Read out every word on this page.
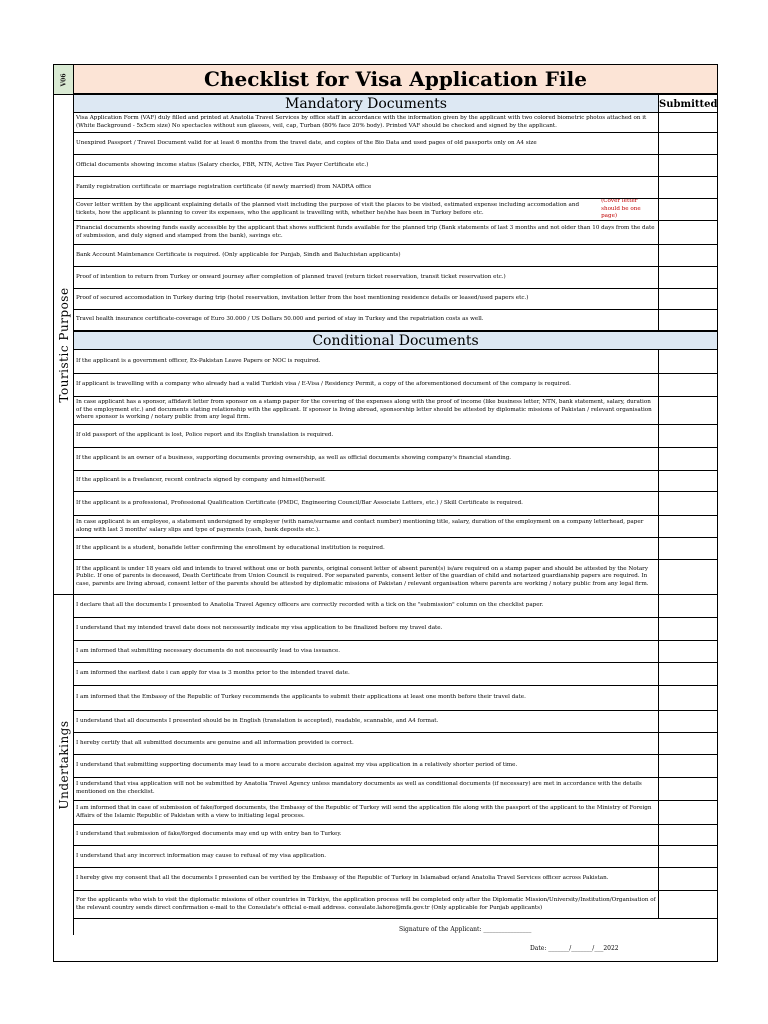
V06	Checklist for Visa Application File
Mandatory Documents	Submitted
Touristic Purpose
Undertakings
Visa Application Form (VAF) duly filled and printed at Anatolia Travel Services by office staff in accordance with the information given by the applicant with two colored biometric photos attached on it (White Background - 5x5cm size) No spectacles without sun glasses, veil, cap, Turban (80% face 20% body). Printed VAF should be checked and signed by the applicant.
Unexpired Passport / Travel Document valid for at least 6 months from the travel date, and copies of the Bio Data and used pages of old passports only on A4 size
Official documents showing income status (Salary checks, FBR, NTN, Active Tax Payer Certificate etc.)
Family registration certificate or marriage registration certificate (if newly married) from NADRA office
Cover letter written by the applicant explaining details of the planned visit including the purpose of visit the places to be visited, estimated expense including accomodation and tickets, how the applicant is planning to cover its expenses, who the applicant is travelling with, whether he/she has been in Turkey before etc.
(Cover letter should be one page)
Financial documents showing funds easily accessible by the applicant that shows sufficient funds available for the planned trip (Bank statements of last 3 months and not older than 10 days from the date of submission, and duly signed and stamped from the bank), savings etc.
Bank Account Maintenance Certificate is required. (Only applicable for Punjab, Sindh and Baluchistan applicants)
Proof of intention to return from Turkey or onward journey after completion of planned travel (return ticket reservation, transit ticket reservation etc.)
Proof of secured accomodation in Turkey during trip (hotel reservation, invitation letter from the host mentioning residence details or leased/used papers etc.)
Travel health insurance certificate-coverage of Euro 30.000 / US Dollars 50.000 and period of stay in Turkey and the repatriation costs as well.
Conditional Documents
If the applicant is a government officer, Ex-Pakistan Leave Papers or NOC is required.
If applicant is travelling with a company who already had a valid Turkish visa / E-Visa / Residency Permit, a copy of the aforementioned document of the company is required.
In case applicant has a sponsor, affidavit letter from sponsor on a stamp paper for the covering of the expenses along with the proof of income (like business letter, NTN, bank statement, salary, duration of the employment etc.) and documents stating relationship with the applicant. If sponsor is living abroad, sponsorship letter should be attested by diplomatic missions of Pakistan / relevant organisation where sponsor is working / notary public from any legal firm.
If old passport of the applicant is lost, Police report and its English translation is required.
If the applicant is an owner of a business, supporting documents proving ownership, as well as official documents showing company's financial standing.
If the applicant is a freelancer, recent contracts signed by company and himself/herself.
If the applicant is a professional, Professional Qualification Certificate (PMDC, Engineering Council/Bar Associate Letters, etc.) / Skill Certificate is required.
In case applicant is an employee, a statement undersigned by employer (with name/surname and contact number) mentioning title, salary, duration of the employment on a company letterhead, paper along with last 3 months' salary slips and type of payments (cash, bank deposits etc.).
If the applicant is a student, bonafide letter confirming the enrollment by educational institution is required.
If the applicant is under 18 years old and intends to travel without one or both parents, original consent letter of absent parent(s) is/are required on a stamp paper and should be attested by the Notary Public. If one of parents is deceased, Death Certificate from Union Council is required. For separated parents, consent letter of the guardian of child and notarized guardianship papers are required. In case, parents are living abroad, consent letter of the parents should be attested by diplomatic missions of Pakistan / relevant organisation where parents are working / notary public from any legal firm.
I declare that all the documents I presented to Anatolia Travel Agency officers are correctly recorded with a tick on the "submission" column on the checklist paper.
I understand that my intended travel date does not necessarily indicate my visa application to be finalized before my travel date.
I am informed that submitting necessary documents do not necessarily lead to visa issuance.
I am informed the earliest date i can apply for visa is 3 months prior to the intended travel date.
I am informed that the Embassy of the Republic of Turkey recommends the applicants to submit their applications at least one month before their travel date.
I understand that all documents I presented should be in English (translation is accepted), readable, scannable, and A4 format.
I hereby certify that all submitted documents are genuine and all information provided is correct.
I understand that submitting supporting documents may lead to a more accurate decision against my visa application in a relatively shorter period of time.
I understand that visa application will not be submitted by Anatolia Travel Agency unless mandatory documents as well as conditional documents (if necessary) are met in accordance with the details mentioned on the checklist.
I am informed that in case of submission of fake/forged documents, the Embassy of the Republic of Turkey will send the application file along with the passport of the applicant to the Ministry of Foreign Affairs of the Islamic Republic of Pakistan with a view to initiating legal process.
I understand that submission of fake/forged documents may end up with entry ban to Turkey.
I understand that any incorrect information may cause to refusal of my visa application.
I hereby give my consent that all the documents I presented can be verified by the Embassy of the Republic of Turkey in Islamabad or/and Anatolia Travel Services officer across Pakistan.
For the applicants who wish to visit the diplomatic missions of other countries in Türkiye, the application process will be completed only after the Diplomatic Mission/University/Institution/Organisation of the relevant country sends direct confirmation e-mail to the Consulate's official e-mail address. consulate.lahore@mfa.gov.tr (Only applicable for Punjab applicants)
Signature of the Applicant: ________________
Date: _______/_______/___2022
